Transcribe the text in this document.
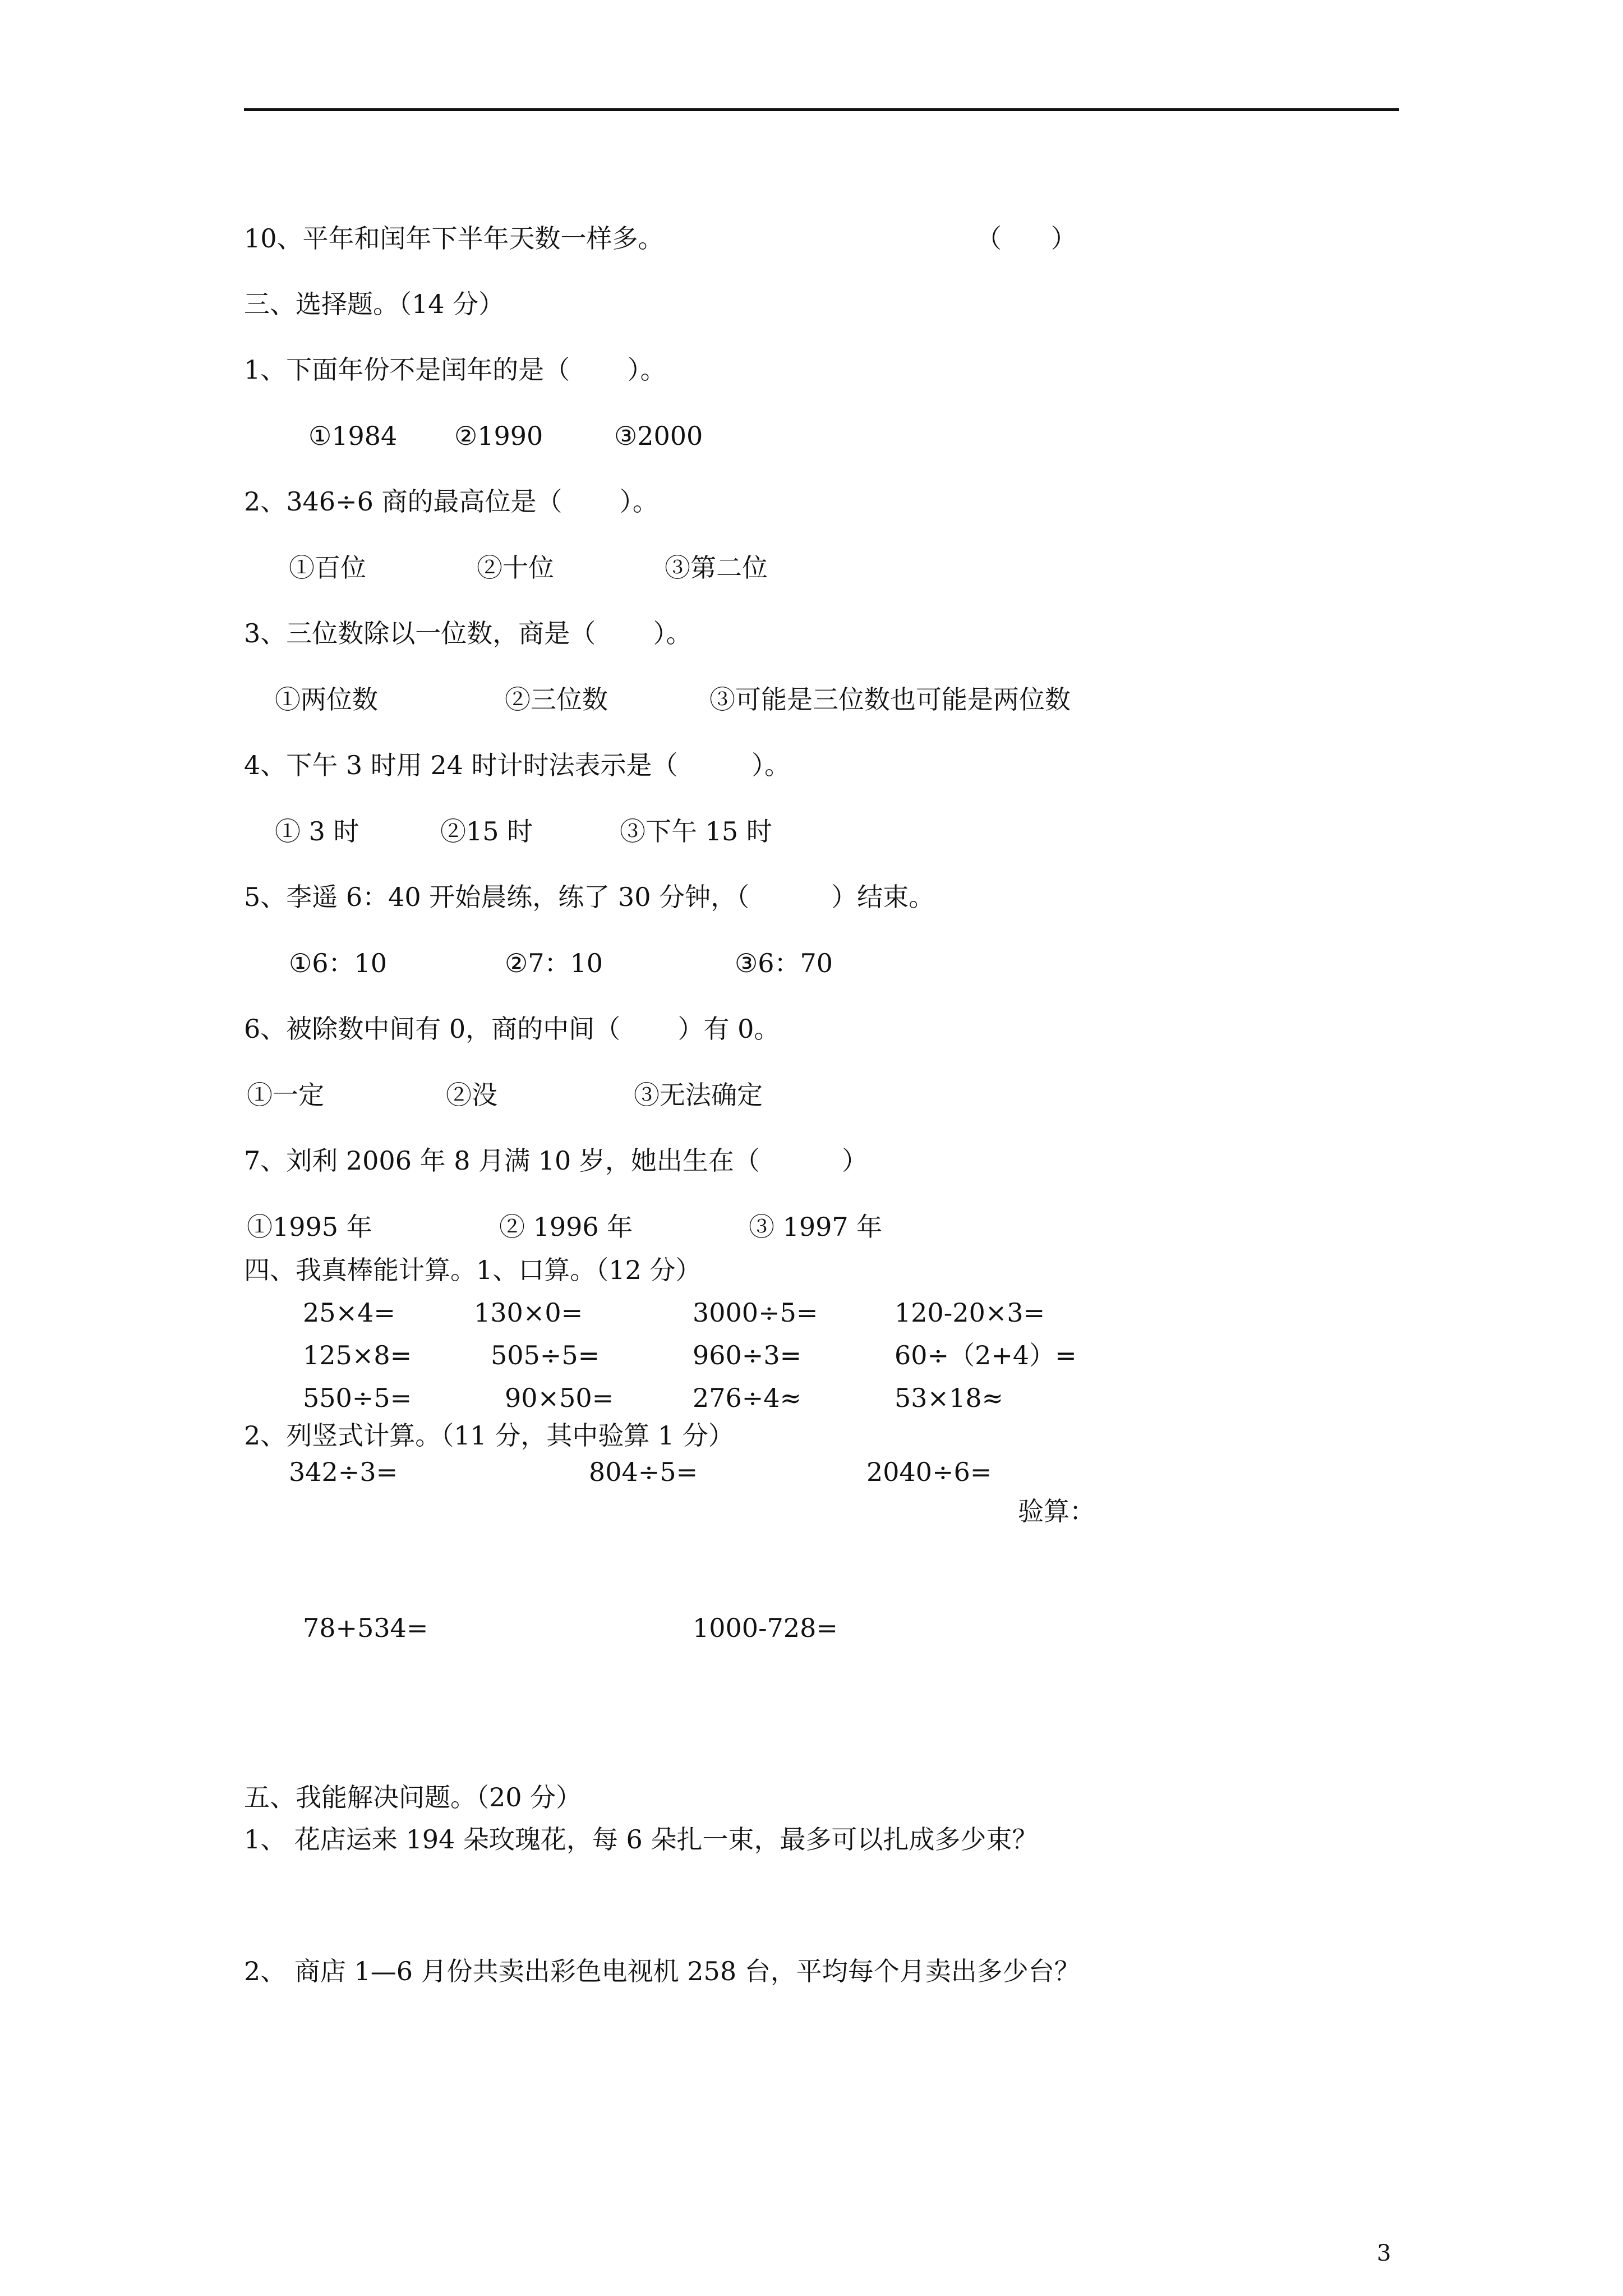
10、平年和闰年下半年天数一样多。	（      ）
三、选择题。（14 分）
1、下面年份不是闰年的是（       ）。
①1984 ②1990	③2000
2、346÷6 商的最高位是（       ）。
①百位	②十位	③第二位
3、三位数除以一位数，商是（       ）。
①两位数	②三位数	③可能是三位数也可能是两位数
4、下午 3 时用 24 时计时法表示是（         ）。
① 3 时	②15 时	③下午 15 时
5、李遥 6：40 开始晨练，练了 30 分钟，（          ）结束。
①6：10	②7：10	③6：70
6、被除数中间有 0，商的中间（       ）有 0。
①一定	②没	③无法确定
7、刘利 2006 年 8 月满 10 岁，她出生在（          ）
①1995 年	② 1996 年	③ 1997 年
四、我真棒能计算。1、口算。（12 分）
25×4=	130×0=	3000÷5=	120-20×3=
125×8=	505÷5=	960÷3=	60÷（2+4）=
550÷5=	90×50=	276÷4≈	53×18≈
2、列竖式计算。（11 分，其中验算 1 分）
342÷3=	804÷5=	2040÷6=
验算：
78+534=	1000-728=
五、我能解决问题。（20 分）
1、 花店运来 194 朵玫瑰花，每 6 朵扎一束，最多可以扎成多少束？
2、 商店 1—6 月份共卖出彩色电视机 258 台，平均每个月卖出多少台？
3
